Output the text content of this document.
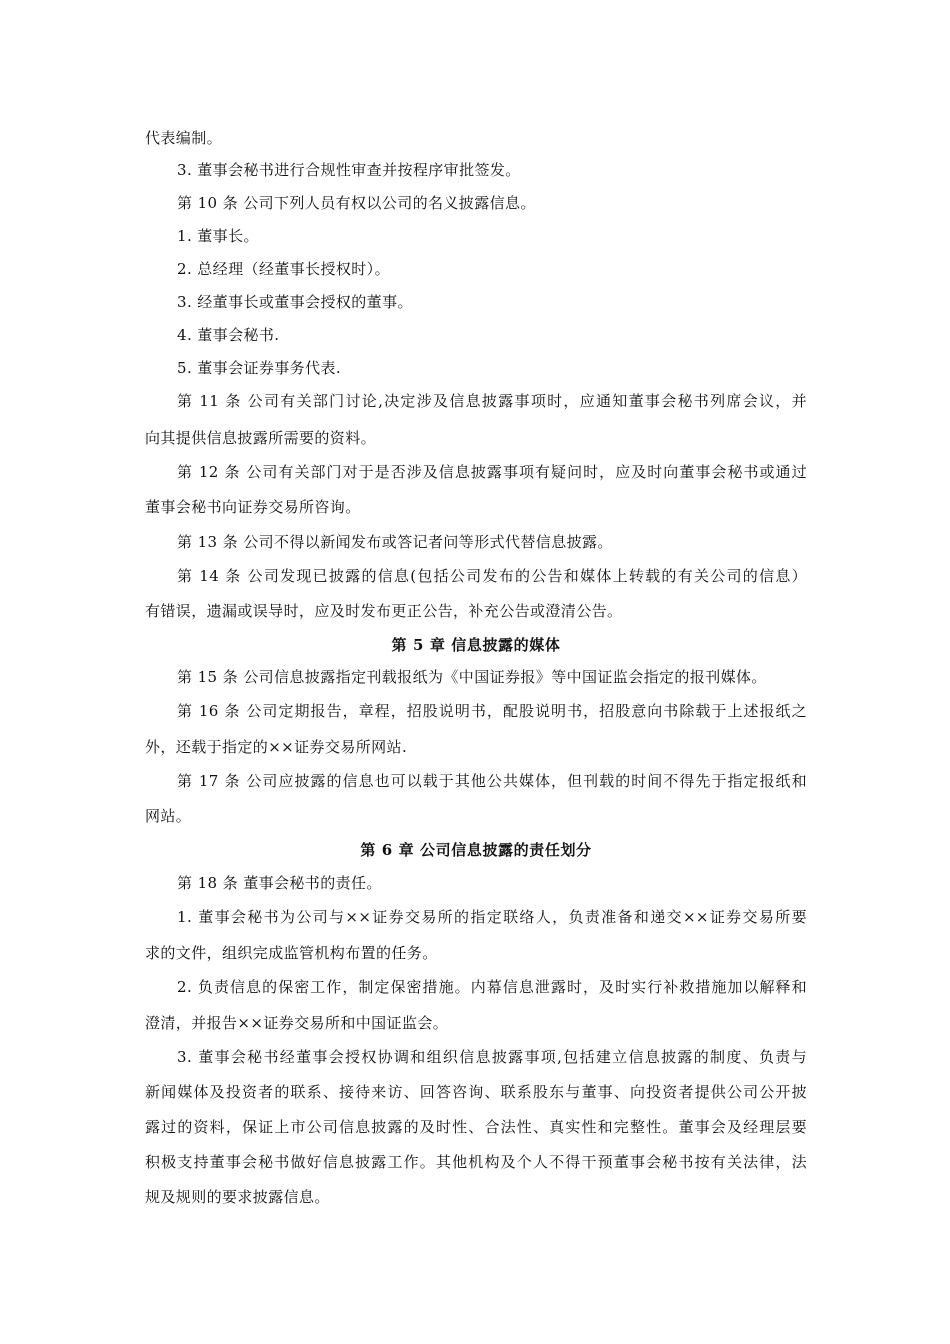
代表编制。
3. 董事会秘书进行合规性审查并按程序审批签发。
第 10 条 公司下列人员有权以公司的名义披露信息。
1. 董事长。
2. 总经理（经董事长授权时）。
3. 经董事长或董事会授权的董事。
4. 董事会秘书.
5. 董事会证券事务代表.
第 11 条 公司有关部门讨论,决定涉及信息披露事项时，应通知董事会秘书列席会议，并
向其提供信息披露所需要的资料。
第 12 条 公司有关部门对于是否涉及信息披露事项有疑问时，应及时向董事会秘书或通过
董事会秘书向证券交易所咨询。
第 13 条 公司不得以新闻发布或答记者问等形式代替信息披露。
第 14 条 公司发现已披露的信息(包括公司发布的公告和媒体上转载的有关公司的信息）
有错误，遗漏或误导时，应及时发布更正公告，补充公告或澄清公告。
第 5 章 信息披露的媒体
第 15 条 公司信息披露指定刊载报纸为《中国证券报》等中国证监会指定的报刊媒体。
第 16 条 公司定期报告，章程，招股说明书，配股说明书，招股意向书除载于上述报纸之
外，还载于指定的××证券交易所网站.
第 17 条 公司应披露的信息也可以载于其他公共媒体，但刊载的时间不得先于指定报纸和
网站。
第 6 章 公司信息披露的责任划分
第 18 条 董事会秘书的责任。
1. 董事会秘书为公司与××证券交易所的指定联络人，负责准备和递交××证券交易所要
求的文件，组织完成监管机构布置的任务。
2. 负责信息的保密工作，制定保密措施。内幕信息泄露时，及时实行补救措施加以解释和
澄清，并报告××证券交易所和中国证监会。
3. 董事会秘书经董事会授权协调和组织信息披露事项,包括建立信息披露的制度、负责与
新闻媒体及投资者的联系、接待来访、回答咨询、联系股东与董事、向投资者提供公司公开披
露过的资料，保证上市公司信息披露的及时性、合法性、真实性和完整性。董事会及经理层要
积极支持董事会秘书做好信息披露工作。其他机构及个人不得干预董事会秘书按有关法律，法
规及规则的要求披露信息。
